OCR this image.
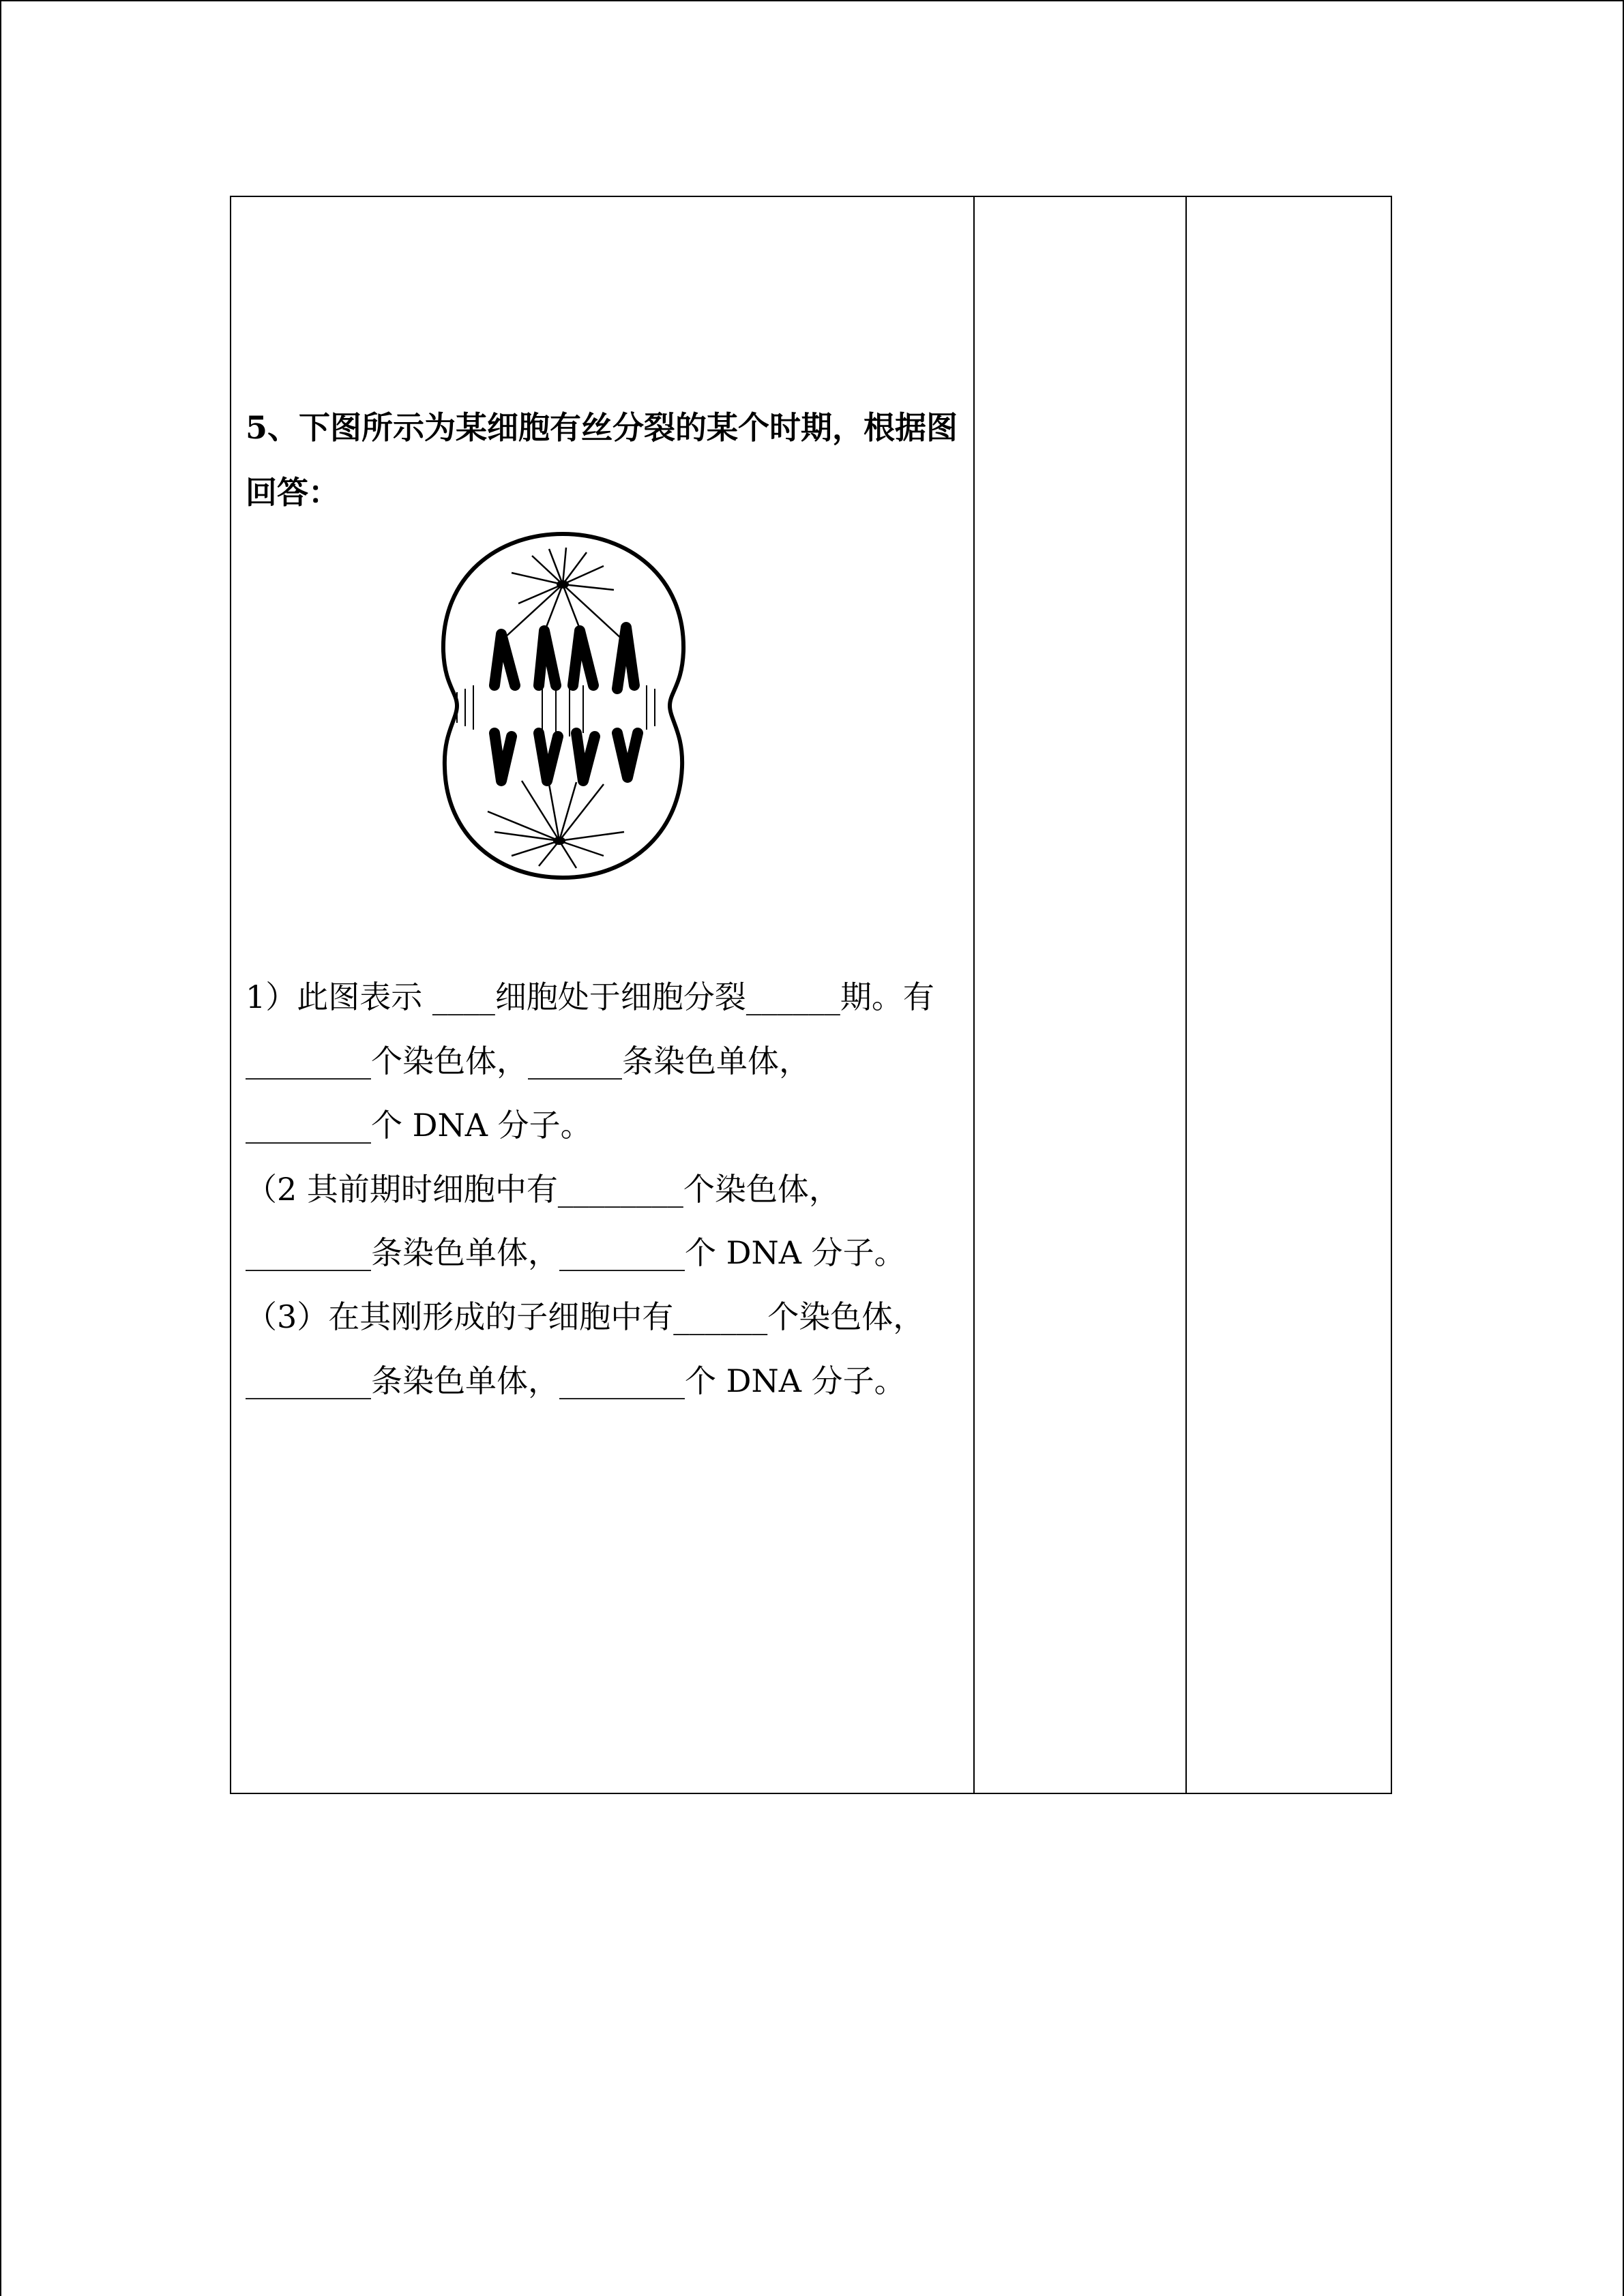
5、下图所示为某细胞有丝分裂的某个时期，根据图回答：

1）此图表示 ____细胞处于细胞分裂______期。有

________个染色体，______条染色单体，

________个 DNA 分子。

（2 其前期时细胞中有________个染色体，

________条染色单体，________个 DNA 分子。

（3）在其刚形成的子细胞中有______个染色体，

________条染色单体，________个 DNA 分子。
